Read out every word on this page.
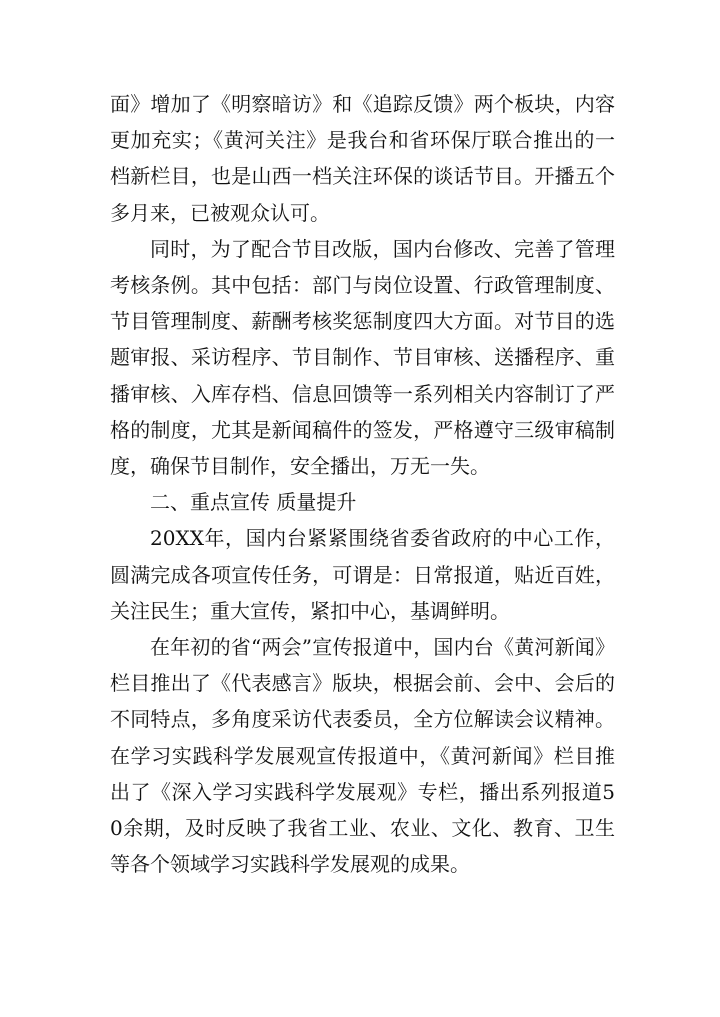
面》增加了《明察暗访》和《追踪反馈》两个板块，内容更加充实；《黄河关注》是我台和省环保厅联合推出的一档新栏目，也是山西一档关注环保的谈话节目。开播五个多月来，已被观众认可。

同时，为了配合节目改版，国内台修改、完善了管理考核条例。其中包括：部门与岗位设置、行政管理制度、节目管理制度、薪酬考核奖惩制度四大方面。对节目的选题审报、采访程序、节目制作、节目审核、送播程序、重播审核、入库存档、信息回馈等一系列相关内容制订了严格的制度，尤其是新闻稿件的签发，严格遵守三级审稿制度，确保节目制作，安全播出，万无一失。

二、重点宣传 质量提升

20XX年，国内台紧紧围绕省委省政府的中心工作，圆满完成各项宣传任务，可谓是：日常报道，贴近百姓，关注民生；重大宣传，紧扣中心，基调鲜明。

在年初的省“两会”宣传报道中，国内台《黄河新闻》栏目推出了《代表感言》版块，根据会前、会中、会后的不同特点，多角度采访代表委员，全方位解读会议精神。在学习实践科学发展观宣传报道中，《黄河新闻》栏目推出了《深入学习实践科学发展观》专栏，播出系列报道50余期，及时反映了我省工业、农业、文化、教育、卫生等各个领域学习实践科学发展观的成果。
